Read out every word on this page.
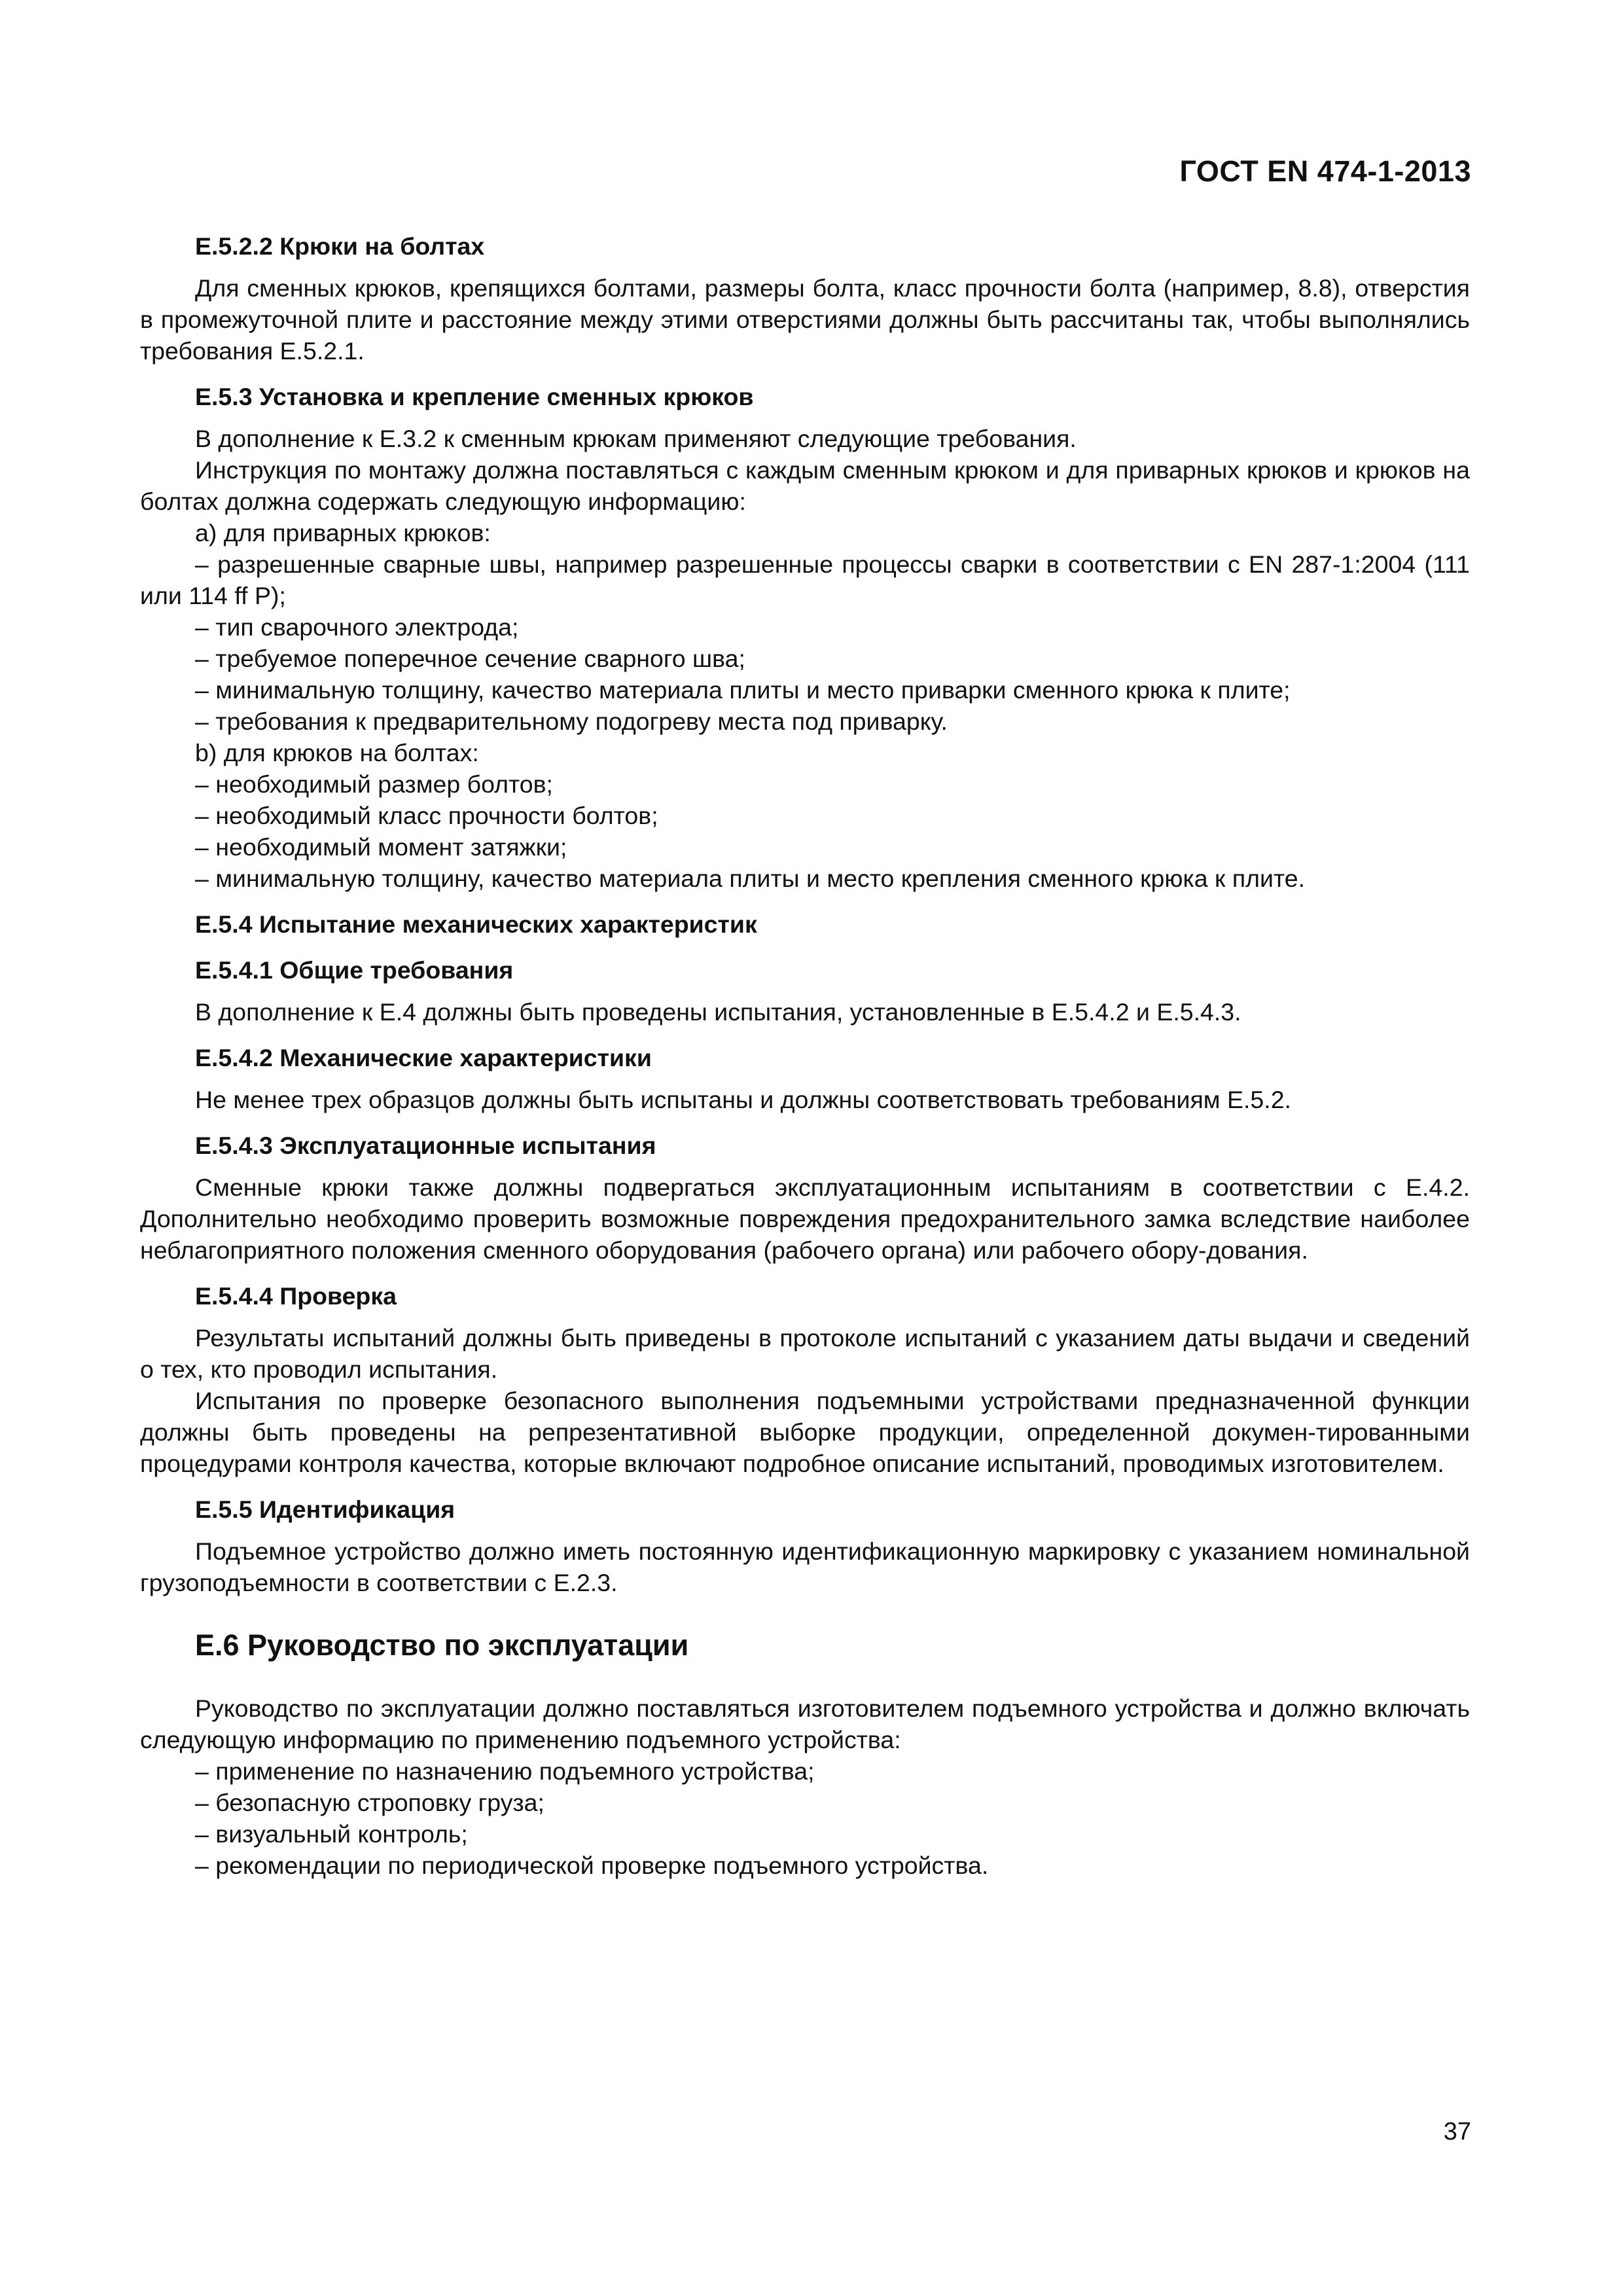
ГОСТ EN 474-1-2013

Е.5.2.2 Крюки на болтах

Для сменных крюков, крепящихся болтами, размеры болта, класс прочности болта (например, 8.8), отверстия в промежуточной плите и расстояние между этими отверстиями должны быть рассчитаны так, чтобы выполнялись требования Е.5.2.1.

Е.5.3 Установка и крепление сменных крюков

В дополнение к Е.3.2 к сменным крюкам применяют следующие требования.

Инструкция по монтажу должна поставляться с каждым сменным крюком и для приварных крюков и крюков на болтах должна содержать следующую информацию:

а) для приварных крюков:

– разрешенные сварные швы, например разрешенные процессы сварки в соответствии с EN 287-1:2004 (111 или 114 ff P);

– тип сварочного электрода;

– требуемое поперечное сечение сварного шва;

– минимальную толщину, качество материала плиты и место приварки сменного крюка к плите;

– требования к предварительному подогреву места под приварку.

b) для крюков на болтах:

– необходимый размер болтов;

– необходимый класс прочности болтов;

– необходимый момент затяжки;

– минимальную толщину, качество материала плиты и место крепления сменного крюка к плите.

Е.5.4 Испытание механических характеристик

Е.5.4.1 Общие требования

В дополнение к Е.4 должны быть проведены испытания, установленные в Е.5.4.2 и Е.5.4.3.

Е.5.4.2 Механические характеристики

Не менее трех образцов должны быть испытаны и должны соответствовать требованиям Е.5.2.

Е.5.4.3 Эксплуатационные испытания

Сменные крюки также должны подвергаться эксплуатационным испытаниям в соответствии с Е.4.2. Дополнительно необходимо проверить возможные повреждения предохранительного замка вследствие наиболее неблагоприятного положения сменного оборудования (рабочего органа) или рабочего обору-дования.

Е.5.4.4 Проверка

Результаты испытаний должны быть приведены в протоколе испытаний с указанием даты выдачи и сведений о тех, кто проводил испытания.

Испытания по проверке безопасного выполнения подъемными устройствами предназначенной функции должны быть проведены на репрезентативной выборке продукции, определенной докумен-тированными процедурами контроля качества, которые включают подробное описание испытаний, проводимых изготовителем.

Е.5.5 Идентификация

Подъемное устройство должно иметь постоянную идентификационную маркировку с указанием номинальной грузоподъемности в соответствии с Е.2.3.

Е.6 Руководство по эксплуатации

Руководство по эксплуатации должно поставляться изготовителем подъемного устройства и должно включать следующую информацию по применению подъемного устройства:

– применение по назначению подъемного устройства;

– безопасную строповку груза;

– визуальный контроль;

– рекомендации по периодической проверке подъемного устройства.

37
